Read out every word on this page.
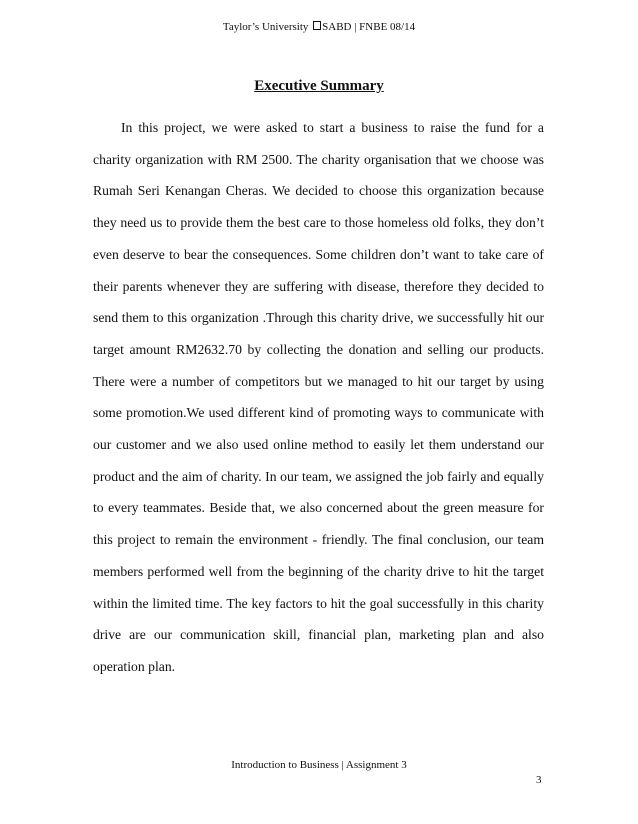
Taylor’s University SABD | FNBE 08/14
Executive Summary

In this project, we were asked to start a business to raise the fund for a charity organization with RM 2500. The charity organisation that we choose was Rumah Seri Kenangan Cheras. We decided to choose this organization because they need us to provide them the best care to those homeless old folks, they don’t even deserve to bear the consequences. Some children don’t want to take care of their parents whenever they are suffering with disease, therefore they decided to send them to this organization .Through this charity drive, we successfully hit our target amount RM2632.70 by collecting the donation and selling our products. There were a number of competitors but we managed to hit our target by using some promotion.We used different kind of promoting ways to communicate with our customer and we also used online method to easily let them understand our product and the aim of charity. In our team, we assigned the job fairly and equally to every teammates. Beside that, we also concerned about the green measure for this project to remain the environment - friendly. The final conclusion, our team members performed well from the beginning of the charity drive to hit the target within the limited time. The key factors to hit the goal successfully in this charity drive are our communication skill, financial plan, marketing plan and also operation plan.

Introduction to Business | Assignment 3
3
